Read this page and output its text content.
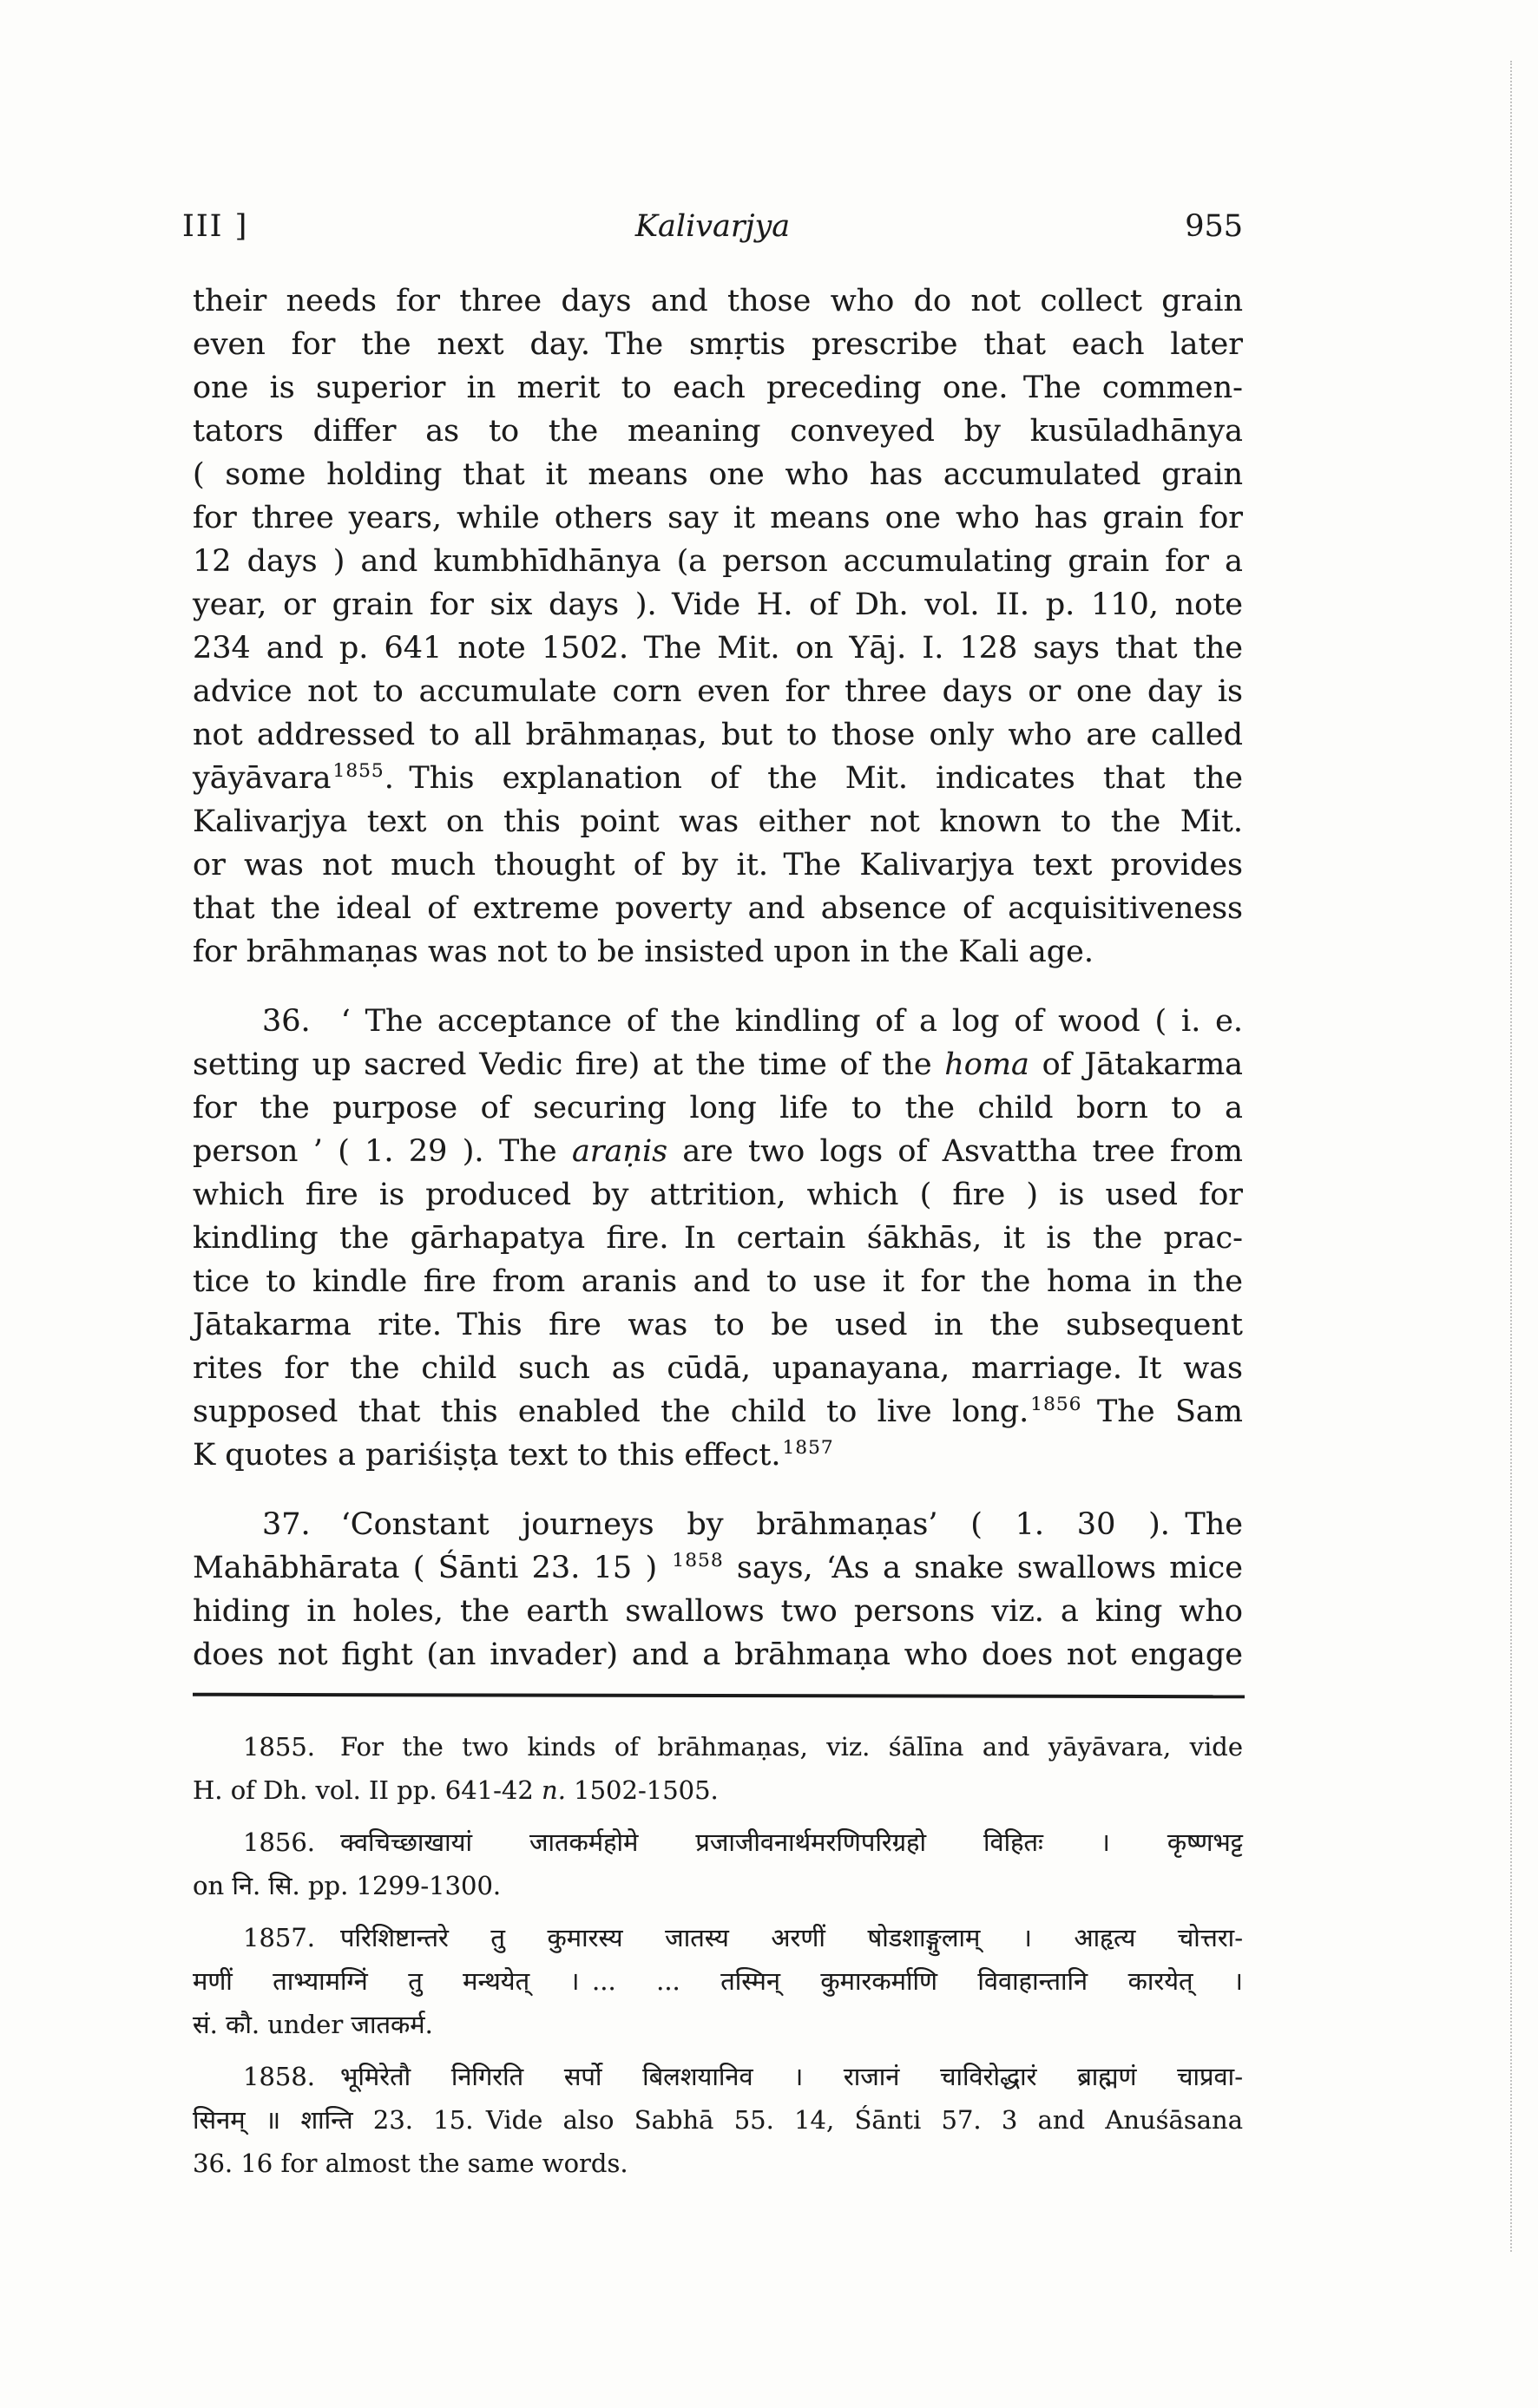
III ]	Kalivarjya	955
their needs for three days and those who do not collect grain
even for the next day. The smṛtis prescribe that each later
one is superior in merit to each preceding one. The commen-
tators differ as to the meaning conveyed by kusūladhānya
( some holding that it means one who has accumulated grain
for three years, while others say it means one who has grain for
12 days ) and kumbhīdhānya (a person accumulating grain for a
year, or grain for six days ). Vide H. of Dh. vol. II. p. 110, note
234 and p. 641 note 1502. The Mit. on Yāj. I. 128 says that the
advice not to accumulate corn even for three days or one day is
not addressed to all brāhmaṇas, but to those only who are called
yāyāvara$^{1855}$. This explanation of the Mit. indicates that the
Kalivarjya text on this point was either not known to the Mit.
or was not much thought of by it. The Kalivarjya text provides
that the ideal of extreme poverty and absence of acquisitiveness
for brāhmaṇas was not to be insisted upon in the Kali age.
36. ‘ The acceptance of the kindling of a log of wood ( i. e.
setting up sacred Vedic fire) at the time of the homa of Jātakarma
for the purpose of securing long life to the child born to a
person ’ ( 1. 29 ). The araṇis are two logs of Asvattha tree from
which fire is produced by attrition, which ( fire ) is used for
kindling the gārhapatya fire. In certain śākhās, it is the prac-
tice to kindle fire from aranis and to use it for the homa in the
Jātakarma rite. This fire was to be used in the subsequent
rites for the child such as cūdā, upanayana, marriage. It was
supposed that this enabled the child to live long.$^{1856}$ The Sam
K quotes a pariśiṣṭa text to this effect.$^{1857}$
37. ‘Constant journeys by brāhmaṇas’ ( 1. 30 ). The
Mahābhārata ( Śānti 23. 15 ) $^{1858}$ says, ‘As a snake swallows mice
hiding in holes, the earth swallows two persons viz. a king who
does not fight (an invader) and a brāhmaṇa who does not engage
1855. For the two kinds of brāhmaṇas, viz. śālīna and yāyāvara, vide
H. of Dh. vol. II pp. 641-42 n. 1502-1505.
1856. क्वचिच्छाखायां जातकर्महोमे प्रजाजीवनार्थमरणिपरिग्रहो विहितः । कृष्णभट्ट
on नि. सि. pp. 1299-1300.
1857. परिशिष्टान्तरे तु कुमारस्य जातस्य अरणीं षोडशाङ्गुलाम् । आहृत्य चोत्तरा-
मणीं ताभ्यामग्निं तु मन्थयेत् । ... ... तस्मिन् कुमारकर्माणि विवाहान्तानि कारयेत् ।
सं. कौ. under जातकर्म.
1858. भूमिरेतौ निगिरति सर्पो बिलशयानिव । राजानं चाविरोद्धारं ब्राह्मणं चाप्रवा-
सिनम् ॥ शान्ति 23. 15. Vide also Sabhā 55. 14, Śānti 57. 3 and Anuśāsana
36. 16 for almost the same words.
